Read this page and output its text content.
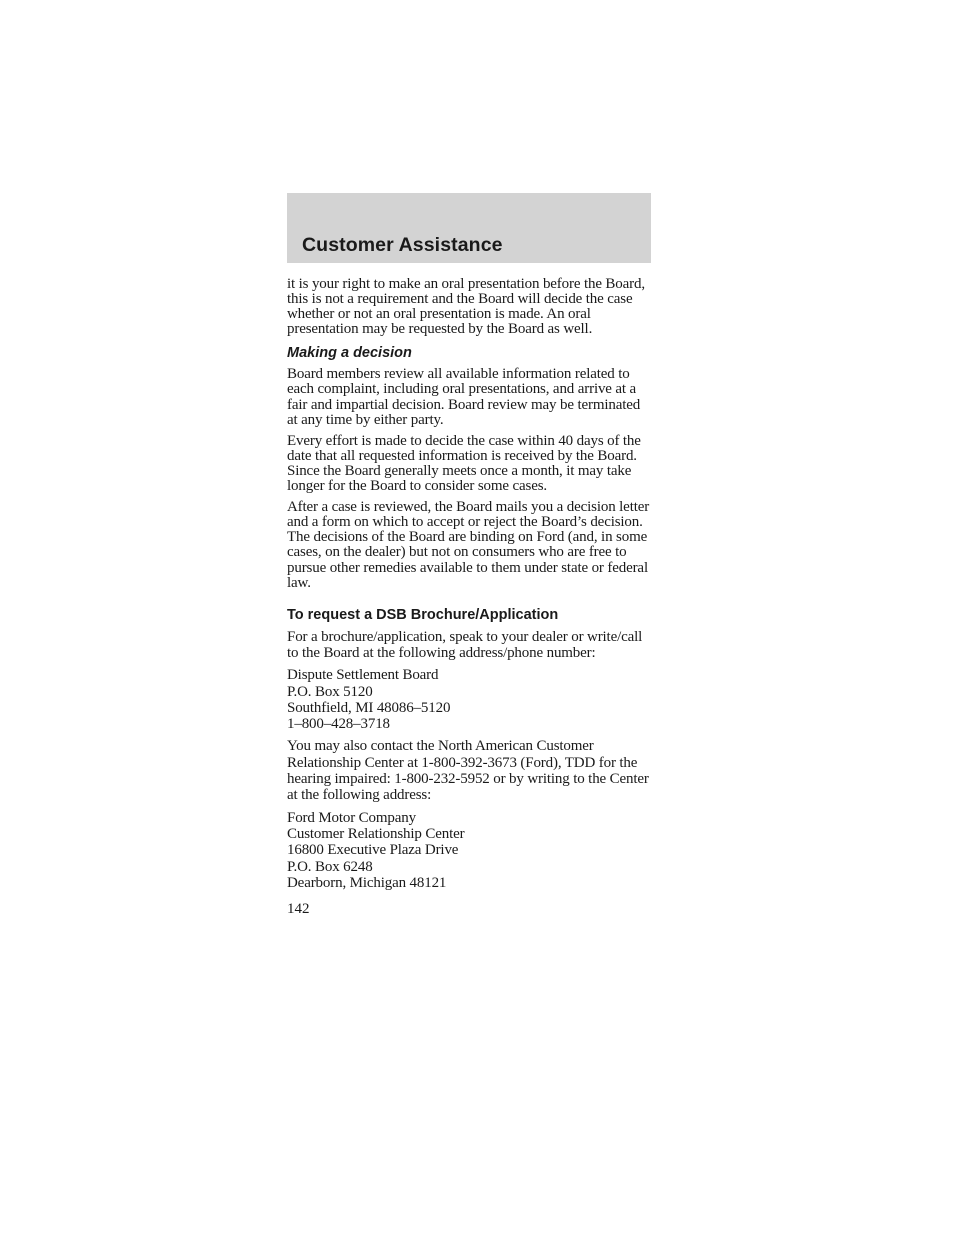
Customer Assistance

it is your right to make an oral presentation before the Board, this is not a requirement and the Board will decide the case whether or not an oral presentation is made. An oral presentation may be requested by the Board as well.

Making a decision

Board members review all available information related to each complaint, including oral presentations, and arrive at a fair and impartial decision. Board review may be terminated at any time by either party.

Every effort is made to decide the case within 40 days of the date that all requested information is received by the Board. Since the Board generally meets once a month, it may take longer for the Board to consider some cases.

After a case is reviewed, the Board mails you a decision letter and a form on which to accept or reject the Board’s decision. The decisions of the Board are binding on Ford (and, in some cases, on the dealer) but not on consumers who are free to pursue other remedies available to them under state or federal law.

To request a DSB Brochure/Application

For a brochure/application, speak to your dealer or write/call to the Board at the following address/phone number:

Dispute Settlement Board
P.O. Box 5120
Southfield, MI 48086–5120
1–800–428–3718

You may also contact the North American Customer Relationship Center at 1-800-392-3673 (Ford), TDD for the hearing impaired: 1-800-232-5952 or by writing to the Center at the following address:

Ford Motor Company
Customer Relationship Center
16800 Executive Plaza Drive
P.O. Box 6248
Dearborn, Michigan 48121
142
